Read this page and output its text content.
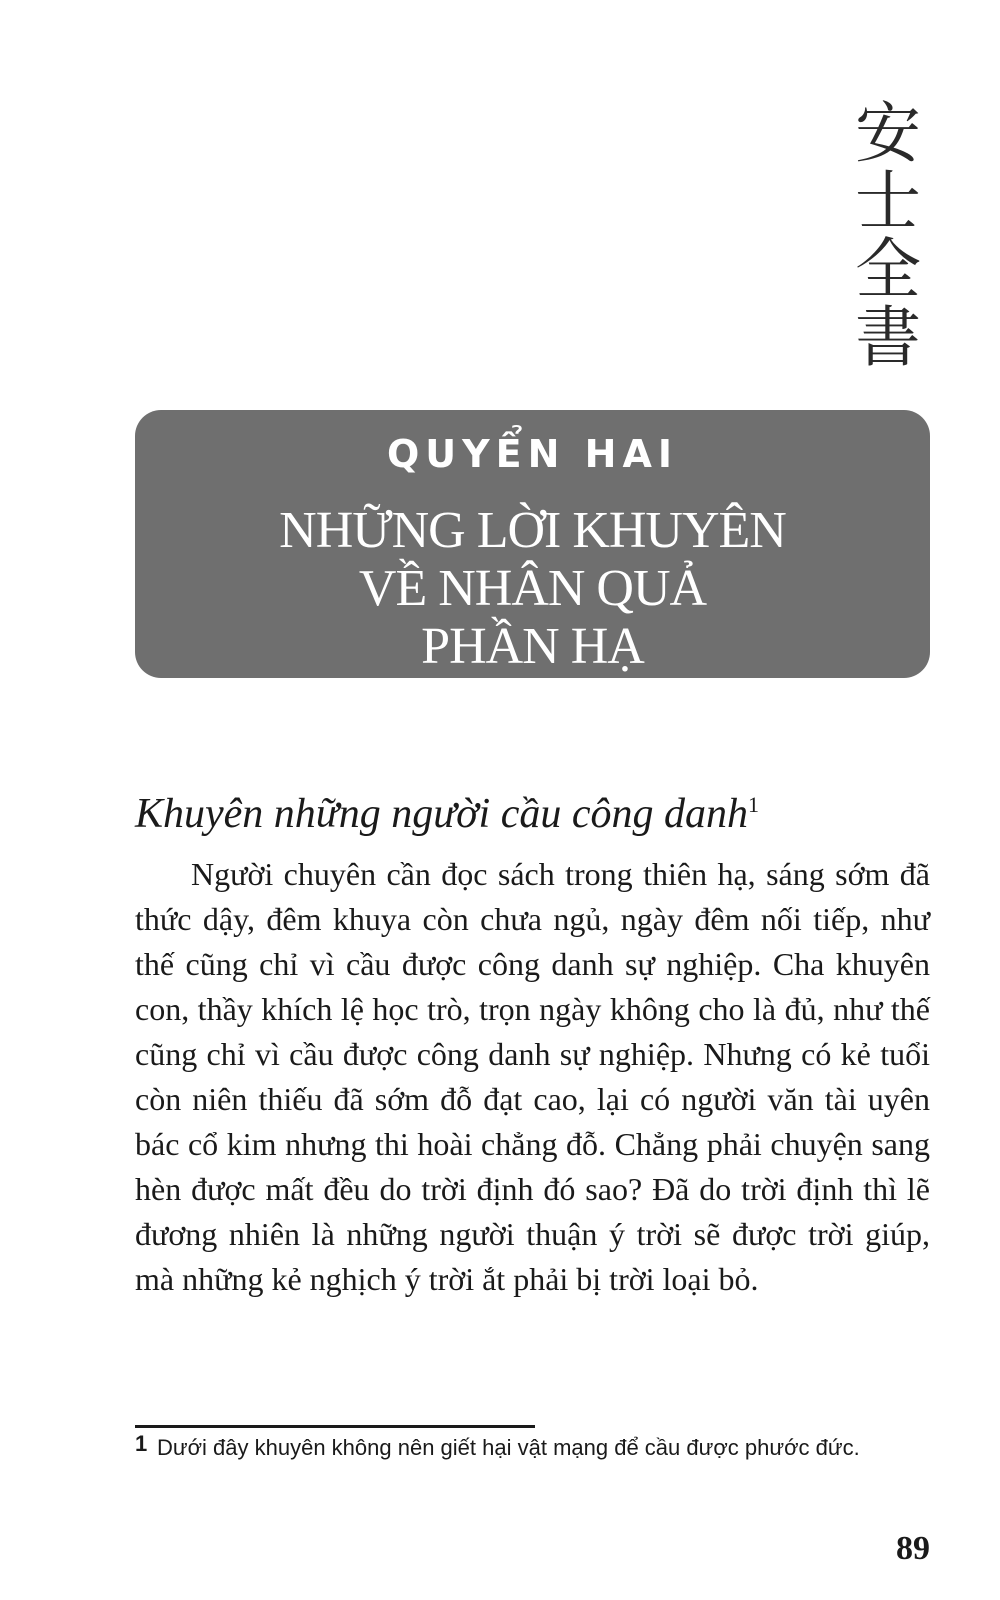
安
士
全
書
QUYỂN HAI
NHỮNG LỜI KHUYÊN
VỀ NHÂN QUẢ
PHẦN HẠ
Khuyên những người cầu công danh$^1$

Người chuyên cần đọc sách trong thiên hạ, sáng sớm đã thức dậy, đêm khuya còn chưa ngủ, ngày đêm nối tiếp, như thế cũng chỉ vì cầu được công danh sự nghiệp. Cha khuyên con, thầy khích lệ học trò, trọn ngày không cho là đủ, như thế cũng chỉ vì cầu được công danh sự nghiệp. Nhưng có kẻ tuổi còn niên thiếu đã sớm đỗ đạt cao, lại có người văn tài uyên bác cổ kim nhưng thi hoài chẳng đỗ. Chẳng phải chuyện sang hèn được mất đều do trời định đó sao? Đã do trời định thì lẽ đương nhiên là những người thuận ý trời sẽ được trời giúp, mà những kẻ nghịch ý trời ắt phải bị trời loại bỏ.

1 Dưới đây khuyên không nên giết hại vật mạng để cầu được phước đức.
89
